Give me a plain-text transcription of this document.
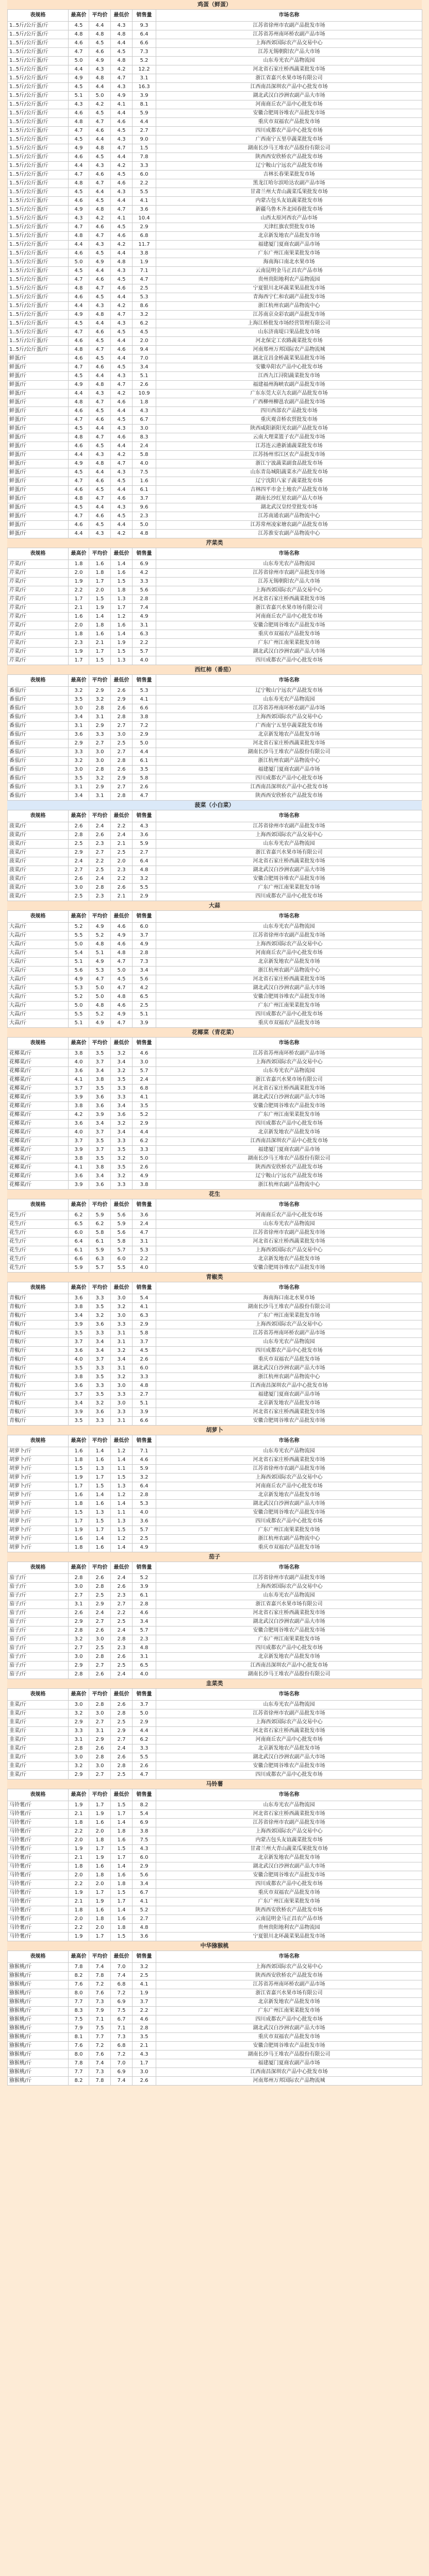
鸡蛋（鲜蛋）
表规格	最高价	平均价	最低价	销售量	市场名称
1..5斤/公斤蛋/斤	4.5	4.4	4.3	9.3	江苏省徐州市农副产品批发市场
1..5斤/公斤蛋/斤	4.8	4.8	4.8	6.4	江苏省苏州南环桥农副产品市场
1..5斤/公斤蛋/斤	4.6	4.5	4.4	6.6	上海西郊国际农产品交易中心
1..5斤/公斤蛋/斤	4.7	4.6	4.5	7.3	江苏无锡朝阳农产品大市场
1..5斤/公斤蛋/斤	5.0	4.9	4.8	5.2	山东寿光农产品物流园
1..5斤/公斤蛋/斤	4.4	4.3	4.2	12.2	河北省石家庄桥西蔬菜批发市场
1..5斤/公斤蛋/斤	4.9	4.8	4.7	3.1	浙江省嘉兴水果市场有限公司
1..5斤/公斤蛋/斤	4.5	4.4	4.3	16.3	江西南昌深圳农产品中心批发市场
1..5斤/公斤蛋/斤	5.1	5.0	4.9	3.9	湖北武汉白沙洲农副产品大市场
1..5斤/公斤蛋/斤	4.3	4.2	4.1	8.1	河南商丘农产品中心批发市场
1..5斤/公斤蛋/斤	4.6	4.5	4.4	5.9	安徽合肥周谷堆农产品批发市场
1..5斤/公斤蛋/斤	4.8	4.7	4.6	4.4	重庆市双福农产品批发市场
1..5斤/公斤蛋/斤	4.7	4.6	4.5	2.7	四川成都农产品中心批发市场
1..5斤/公斤蛋/斤	4.5	4.4	4.3	9.0	广西南宁五里亭蔬菜批发市场
1..5斤/公斤蛋/斤	4.9	4.8	4.7	1.5	湖南长沙马王堆农产品股份有限公司
1..5斤/公斤蛋/斤	4.6	4.5	4.4	7.8	陕西西安欣桥农产品批发市场
1..5斤/公斤蛋/斤	4.4	4.3	4.2	3.3	辽宁鞍山宁远农产品批发市场
1..5斤/公斤蛋/斤	4.7	4.6	4.5	6.0	吉林长春果菜批发市场
1..5斤/公斤蛋/斤	4.8	4.7	4.6	2.2	黑龙江哈尔滨哈达农副产品市场
1..5斤/公斤蛋/斤	4.5	4.4	4.3	5.5	甘肃兰州大青山蔬菜瓜果批发市场
1..5斤/公斤蛋/斤	4.6	4.5	4.4	4.1	内蒙古包头友谊蔬菜批发市场
1..5斤/公斤蛋/斤	4.9	4.8	4.7	3.6	新疆乌鲁木齐北园春批发市场
1..5斤/公斤蛋/斤	4.3	4.2	4.1	10.4	山西太原河西农产品市场
1..5斤/公斤蛋/斤	4.7	4.6	4.5	2.9	天津红旗农贸批发市场
1..5斤/公斤蛋/斤	4.8	4.7	4.6	6.8	北京新发地农产品批发市场
1..5斤/公斤蛋/斤	4.4	4.3	4.2	11.7	福建厦门夏商农副产品市场
1..5斤/公斤蛋/斤	4.6	4.5	4.4	3.8	广东广州江南果菜批发市场
1..5斤/公斤蛋/斤	5.0	4.9	4.8	1.9	海南海口南北水果市场
1..5斤/公斤蛋/斤	4.5	4.4	4.3	7.1	云南昆明金马正昌农产品市场
1..5斤/公斤蛋/斤	4.7	4.6	4.5	4.7	贵州贵阳地利农产品物流园
1..5斤/公斤蛋/斤	4.8	4.7	4.6	2.5	宁夏银川北环蔬菜果品批发市场
1..5斤/公斤蛋/斤	4.6	4.5	4.4	5.3	青海西宁仁和农副产品批发市场
1..5斤/公斤蛋/斤	4.4	4.3	4.2	8.6	浙江杭州农副产品物流中心
1..5斤/公斤蛋/斤	4.9	4.8	4.7	3.2	江苏南京众彩农副产品批发市场
1..5斤/公斤蛋/斤	4.5	4.4	4.3	6.2	上海江桥批发市场经营管理有限公司
1..5斤/公斤蛋/斤	4.7	4.6	4.5	4.5	山东济南堤口果品批发市场
1..5斤/公斤蛋/斤	4.6	4.5	4.4	2.0	河北保定工农路蔬菜批发市场
1..5斤/公斤蛋/斤	4.8	4.7	4.6	9.4	河南郑州万邦国际农产品物流城
鲜蛋/斤	4.6	4.5	4.4	7.0	湖北宜昌金桥蔬菜果品批发市场
鲜蛋/斤	4.7	4.6	4.5	3.4	安徽阜阳农产品中心批发市场
鲜蛋/斤	4.5	4.4	4.3	5.1	江西九江浔阳蔬菜批发市场
鲜蛋/斤	4.9	4.8	4.7	2.6	福建福州海峡农副产品批发市场
鲜蛋/斤	4.4	4.3	4.2	10.9	广东东莞大京九农副产品批发市场
鲜蛋/斤	4.8	4.7	4.6	1.8	广西柳州柳邕农副产品批发市场
鲜蛋/斤	4.6	4.5	4.4	4.3	四川西部农产品批发市场
鲜蛋/斤	4.7	4.6	4.5	6.7	重庆观音桥农贸批发市场
鲜蛋/斤	4.5	4.4	4.3	3.0	陕西咸阳新阳光农副产品批发市场
鲜蛋/斤	4.8	4.7	4.6	8.3	云南大理菜篮子农产品批发市场
鲜蛋/斤	4.6	4.5	4.4	2.4	江苏连云港新浦蔬菜批发市场
鲜蛋/斤	4.4	4.3	4.2	5.8	江苏扬州邗江区农产品批发市场
鲜蛋/斤	4.9	4.8	4.7	4.0	浙江宁波蔬菜副食品批发市场
鲜蛋/斤	4.5	4.4	4.3	7.5	山东青岛城阳蔬菜水产品批发市场
鲜蛋/斤	4.7	4.6	4.5	1.6	辽宁沈阳八家子蔬菜批发市场
鲜蛋/斤	4.6	4.5	4.4	6.1	吉林四平市金土地农产品批发市场
鲜蛋/斤	4.8	4.7	4.6	3.7	湖南长沙红星农副产品大市场
鲜蛋/斤	4.5	4.4	4.3	9.6	湖北武汉皇经堂批发市场
鲜蛋/斤	4.7	4.6	4.5	2.3	江苏南通农副产品物流中心
鲜蛋/斤	4.6	4.5	4.4	5.0	江苏常州凌家塘农副产品批发市场
鲜蛋/斤	4.4	4.3	4.2	4.8	江苏淮安农副产品物流中心
芹菜类
表规格	最高价	平均价	最低价	销售量	市场名称
芹菜/斤	1.8	1.6	1.4	6.9	山东寿光农产品物流园
芹菜/斤	2.0	1.8	1.6	4.2	江苏省徐州市农副产品批发市场
芹菜/斤	1.9	1.7	1.5	3.3	江苏无锡朝阳农产品大市场
芹菜/斤	2.2	2.0	1.8	5.6	上海西郊国际农产品交易中心
芹菜/斤	1.7	1.5	1.3	2.8	河北省石家庄桥西蔬菜批发市场
芹菜/斤	2.1	1.9	1.7	7.4	浙江省嘉兴水果市场有限公司
芹菜/斤	1.6	1.4	1.2	4.9	河南商丘农产品中心批发市场
芹菜/斤	2.0	1.8	1.6	3.1	安徽合肥周谷堆农产品批发市场
芹菜/斤	1.8	1.6	1.4	6.3	重庆市双福农产品批发市场
芹菜/斤	2.3	2.1	1.9	2.2	广东广州江南果菜批发市场
芹菜/斤	1.9	1.7	1.5	5.7	湖北武汉白沙洲农副产品大市场
芹菜/斤	1.7	1.5	1.3	4.0	四川成都农产品中心批发市场
西红柿（番茄）
表规格	最高价	平均价	最低价	销售量	市场名称
番茄/斤	3.2	2.9	2.6	5.3	辽宁鞍山宁远农产品批发市场
番茄/斤	3.5	3.2	2.9	4.1	山东寿光农产品物流园
番茄/斤	3.0	2.8	2.6	6.6	江苏省苏州南环桥农副产品市场
番茄/斤	3.4	3.1	2.8	3.8	上海西郊国际农产品交易中心
番茄/斤	3.1	2.9	2.7	7.2	广西南宁五里亭蔬菜批发市场
番茄/斤	3.6	3.3	3.0	2.9	北京新发地农产品批发市场
番茄/斤	2.9	2.7	2.5	5.0	河北省石家庄桥西蔬菜批发市场
番茄/斤	3.3	3.0	2.7	4.4	湖南长沙马王堆农产品股份有限公司
番茄/斤	3.2	3.0	2.8	6.1	浙江杭州农副产品物流中心
番茄/斤	3.0	2.8	2.6	3.5	福建厦门夏商农副产品市场
番茄/斤	3.5	3.2	2.9	5.8	四川成都农产品中心批发市场
番茄/斤	3.1	2.9	2.7	2.6	江西南昌深圳农产品中心批发市场
番茄/斤	3.4	3.1	2.8	4.7	陕西西安欣桥农产品批发市场
菠菜（小白菜）
表规格	最高价	平均价	最低价	销售量	市场名称
菠菜/斤	2.6	2.4	2.2	4.3	江苏省徐州市农副产品批发市场
菠菜/斤	2.8	2.6	2.4	3.6	上海西郊国际农产品交易中心
菠菜/斤	2.5	2.3	2.1	5.9	山东寿光农产品物流园
菠菜/斤	2.9	2.7	2.5	2.7	浙江省嘉兴水果市场有限公司
菠菜/斤	2.4	2.2	2.0	6.4	河北省石家庄桥西蔬菜批发市场
菠菜/斤	2.7	2.5	2.3	4.8	湖北武汉白沙洲农副产品大市场
菠菜/斤	2.6	2.4	2.2	3.2	安徽合肥周谷堆农产品批发市场
菠菜/斤	3.0	2.8	2.6	5.5	广东广州江南果菜批发市场
菠菜/斤	2.5	2.3	2.1	2.9	四川成都农产品中心批发市场
大蒜
表规格	最高价	平均价	最低价	销售量	市场名称
大蒜/斤	5.2	4.9	4.6	6.0	山东寿光农产品物流园
大蒜/斤	5.5	5.2	4.9	3.7	江苏省徐州市农副产品批发市场
大蒜/斤	5.0	4.8	4.6	4.9	上海西郊国际农产品交易中心
大蒜/斤	5.4	5.1	4.8	2.8	河南商丘农产品中心批发市场
大蒜/斤	5.1	4.9	4.7	7.3	北京新发地农产品批发市场
大蒜/斤	5.6	5.3	5.0	3.4	浙江杭州农副产品物流中心
大蒜/斤	4.9	4.7	4.5	5.6	河北省石家庄桥西蔬菜批发市场
大蒜/斤	5.3	5.0	4.7	4.2	湖北武汉白沙洲农副产品大市场
大蒜/斤	5.2	5.0	4.8	6.5	安徽合肥周谷堆农产品批发市场
大蒜/斤	5.0	4.8	4.6	2.5	广东广州江南果菜批发市场
大蒜/斤	5.5	5.2	4.9	5.1	四川成都农产品中心批发市场
大蒜/斤	5.1	4.9	4.7	3.9	重庆市双福农产品批发市场
花椰菜（青花菜）
表规格	最高价	平均价	最低价	销售量	市场名称
花椰菜/斤	3.8	3.5	3.2	4.6	江苏省苏州南环桥农副产品市场
花椰菜/斤	4.0	3.7	3.4	3.0	上海西郊国际农产品交易中心
花椰菜/斤	3.6	3.4	3.2	5.7	山东寿光农产品物流园
花椰菜/斤	4.1	3.8	3.5	2.4	浙江省嘉兴水果市场有限公司
花椰菜/斤	3.7	3.5	3.3	6.8	河北省石家庄桥西蔬菜批发市场
花椰菜/斤	3.9	3.6	3.3	4.1	湖北武汉白沙洲农副产品大市场
花椰菜/斤	3.8	3.6	3.4	3.5	安徽合肥周谷堆农产品批发市场
花椰菜/斤	4.2	3.9	3.6	5.2	广东广州江南果菜批发市场
花椰菜/斤	3.6	3.4	3.2	2.9	四川成都农产品中心批发市场
花椰菜/斤	4.0	3.7	3.4	4.4	北京新发地农产品批发市场
花椰菜/斤	3.7	3.5	3.3	6.2	江西南昌深圳农产品中心批发市场
花椰菜/斤	3.9	3.7	3.5	3.3	福建厦门夏商农副产品市场
花椰菜/斤	3.8	3.5	3.2	5.0	湖南长沙马王堆农产品股份有限公司
花椰菜/斤	4.1	3.8	3.5	2.6	陕西西安欣桥农产品批发市场
花椰菜/斤	3.6	3.4	3.2	4.9	辽宁鞍山宁远农产品批发市场
花椰菜/斤	3.9	3.6	3.3	3.8	浙江杭州农副产品物流中心
花生
表规格	最高价	平均价	最低价	销售量	市场名称
花生/斤	6.2	5.9	5.6	3.6	河南商丘农产品中心批发市场
花生/斤	6.5	6.2	5.9	2.4	山东寿光农产品物流园
花生/斤	6.0	5.8	5.6	4.7	江苏省徐州市农副产品批发市场
花生/斤	6.4	6.1	5.8	3.1	河北省石家庄桥西蔬菜批发市场
花生/斤	6.1	5.9	5.7	5.3	上海西郊国际农产品交易中心
花生/斤	6.6	6.3	6.0	2.2	北京新发地农产品批发市场
花生/斤	5.9	5.7	5.5	4.0	安徽合肥周谷堆农产品批发市场
青椒类
表规格	最高价	平均价	最低价	销售量	市场名称
青椒/斤	3.6	3.3	3.0	5.4	海南海口南北水果市场
青椒/斤	3.8	3.5	3.2	4.1	湖南长沙马王堆农产品股份有限公司
青椒/斤	3.4	3.2	3.0	6.3	广东广州江南果菜批发市场
青椒/斤	3.9	3.6	3.3	2.9	上海西郊国际农产品交易中心
青椒/斤	3.5	3.3	3.1	5.8	江苏省苏州南环桥农副产品市场
青椒/斤	3.7	3.4	3.1	3.7	山东寿光农产品物流园
青椒/斤	3.6	3.4	3.2	4.5	四川成都农产品中心批发市场
青椒/斤	4.0	3.7	3.4	2.6	重庆市双福农产品批发市场
青椒/斤	3.5	3.3	3.1	6.0	湖北武汉白沙洲农副产品大市场
青椒/斤	3.8	3.5	3.2	3.3	浙江杭州农副产品物流中心
青椒/斤	3.6	3.3	3.0	4.8	江西南昌深圳农产品中心批发市场
青椒/斤	3.7	3.5	3.3	2.7	福建厦门夏商农副产品市场
青椒/斤	3.4	3.2	3.0	5.1	北京新发地农产品批发市场
青椒/斤	3.9	3.6	3.3	3.9	河北省石家庄桥西蔬菜批发市场
青椒/斤	3.5	3.3	3.1	6.6	安徽合肥周谷堆农产品批发市场
胡萝卜
表规格	最高价	平均价	最低价	销售量	市场名称
胡萝卜/斤	1.6	1.4	1.2	7.1	山东寿光农产品物流园
胡萝卜/斤	1.8	1.6	1.4	4.6	河北省石家庄桥西蔬菜批发市场
胡萝卜/斤	1.5	1.3	1.1	5.9	江苏省徐州市农副产品批发市场
胡萝卜/斤	1.9	1.7	1.5	3.2	上海西郊国际农产品交易中心
胡萝卜/斤	1.7	1.5	1.3	6.4	河南商丘农产品中心批发市场
胡萝卜/斤	1.6	1.4	1.2	2.8	北京新发地农产品批发市场
胡萝卜/斤	1.8	1.6	1.4	5.3	湖北武汉白沙洲农副产品大市场
胡萝卜/斤	1.5	1.3	1.1	4.0	安徽合肥周谷堆农产品批发市场
胡萝卜/斤	1.7	1.5	1.3	3.6	四川成都农产品中心批发市场
胡萝卜/斤	1.9	1.7	1.5	5.7	广东广州江南果菜批发市场
胡萝卜/斤	1.6	1.4	1.2	2.5	浙江杭州农副产品物流中心
胡萝卜/斤	1.8	1.6	1.4	4.9	重庆市双福农产品批发市场
茄子
表规格	最高价	平均价	最低价	销售量	市场名称
茄子/斤	2.8	2.6	2.4	5.2	江苏省徐州市农副产品批发市场
茄子/斤	3.0	2.8	2.6	3.9	上海西郊国际农产品交易中心
茄子/斤	2.7	2.5	2.3	6.1	山东寿光农产品物流园
茄子/斤	3.1	2.9	2.7	2.8	浙江省嘉兴水果市场有限公司
茄子/斤	2.6	2.4	2.2	4.6	河北省石家庄桥西蔬菜批发市场
茄子/斤	2.9	2.7	2.5	3.4	湖北武汉白沙洲农副产品大市场
茄子/斤	2.8	2.6	2.4	5.7	安徽合肥周谷堆农产品批发市场
茄子/斤	3.2	3.0	2.8	2.3	广东广州江南果菜批发市场
茄子/斤	2.7	2.5	2.3	4.8	四川成都农产品中心批发市场
茄子/斤	3.0	2.8	2.6	3.1	北京新发地农产品批发市场
茄子/斤	2.9	2.7	2.5	6.5	江西南昌深圳农产品中心批发市场
茄子/斤	2.8	2.6	2.4	4.0	湖南长沙马王堆农产品股份有限公司
韭菜类
表规格	最高价	平均价	最低价	销售量	市场名称
韭菜/斤	3.0	2.8	2.6	3.7	山东寿光农产品物流园
韭菜/斤	3.2	3.0	2.8	5.0	江苏省徐州市农副产品批发市场
韭菜/斤	2.9	2.7	2.5	2.9	上海西郊国际农产品交易中心
韭菜/斤	3.3	3.1	2.9	4.4	河北省石家庄桥西蔬菜批发市场
韭菜/斤	3.1	2.9	2.7	6.2	河南商丘农产品中心批发市场
韭菜/斤	2.8	2.6	2.4	3.3	北京新发地农产品批发市场
韭菜/斤	3.0	2.8	2.6	5.5	湖北武汉白沙洲农副产品大市场
韭菜/斤	3.2	3.0	2.8	2.6	安徽合肥周谷堆农产品批发市场
韭菜/斤	2.9	2.7	2.5	4.7	四川成都农产品中心批发市场
马铃薯
表规格	最高价	平均价	最低价	销售量	市场名称
马铃薯/斤	1.9	1.7	1.5	8.2	山东寿光农产品物流园
马铃薯/斤	2.1	1.9	1.7	5.4	河北省石家庄桥西蔬菜批发市场
马铃薯/斤	1.8	1.6	1.4	6.9	江苏省徐州市农副产品批发市场
马铃薯/斤	2.2	2.0	1.8	3.8	上海西郊国际农产品交易中心
马铃薯/斤	2.0	1.8	1.6	7.5	内蒙古包头友谊蔬菜批发市场
马铃薯/斤	1.9	1.7	1.5	4.3	甘肃兰州大青山蔬菜瓜果批发市场
马铃薯/斤	2.1	1.9	1.7	6.0	北京新发地农产品批发市场
马铃薯/斤	1.8	1.6	1.4	2.9	湖北武汉白沙洲农副产品大市场
马铃薯/斤	2.0	1.8	1.6	5.6	安徽合肥周谷堆农产品批发市场
马铃薯/斤	2.2	2.0	1.8	3.4	四川成都农产品中心批发市场
马铃薯/斤	1.9	1.7	1.5	6.7	重庆市双福农产品批发市场
马铃薯/斤	2.1	1.9	1.7	4.1	广东广州江南果菜批发市场
马铃薯/斤	1.8	1.6	1.4	5.2	陕西西安欣桥农产品批发市场
马铃薯/斤	2.0	1.8	1.6	2.7	云南昆明金马正昌农产品市场
马铃薯/斤	2.2	2.0	1.8	4.8	贵州贵阳地利农产品物流园
马铃薯/斤	1.9	1.7	1.5	3.6	宁夏银川北环蔬菜果品批发市场
中华猕猴桃
表规格	最高价	平均价	最低价	销售量	市场名称
猕猴桃/斤	7.8	7.4	7.0	3.2	上海西郊国际农产品交易中心
猕猴桃/斤	8.2	7.8	7.4	2.5	陕西西安欣桥农产品批发市场
猕猴桃/斤	7.6	7.2	6.8	4.1	江苏省苏州南环桥农副产品市场
猕猴桃/斤	8.0	7.6	7.2	1.9	浙江省嘉兴水果市场有限公司
猕猴桃/斤	7.7	7.3	6.9	3.7	北京新发地农产品批发市场
猕猴桃/斤	8.3	7.9	7.5	2.2	广东广州江南果菜批发市场
猕猴桃/斤	7.5	7.1	6.7	4.6	四川成都农产品中心批发市场
猕猴桃/斤	7.9	7.5	7.1	2.8	湖北武汉白沙洲农副产品大市场
猕猴桃/斤	8.1	7.7	7.3	3.5	重庆市双福农产品批发市场
猕猴桃/斤	7.6	7.2	6.8	2.1	安徽合肥周谷堆农产品批发市场
猕猴桃/斤	8.0	7.6	7.2	4.3	湖南长沙马王堆农产品股份有限公司
猕猴桃/斤	7.8	7.4	7.0	1.7	福建厦门夏商农副产品市场
猕猴桃/斤	7.7	7.3	6.9	3.0	江西南昌深圳农产品中心批发市场
猕猴桃/斤	8.2	7.8	7.4	2.6	河南郑州万邦国际农产品物流城
